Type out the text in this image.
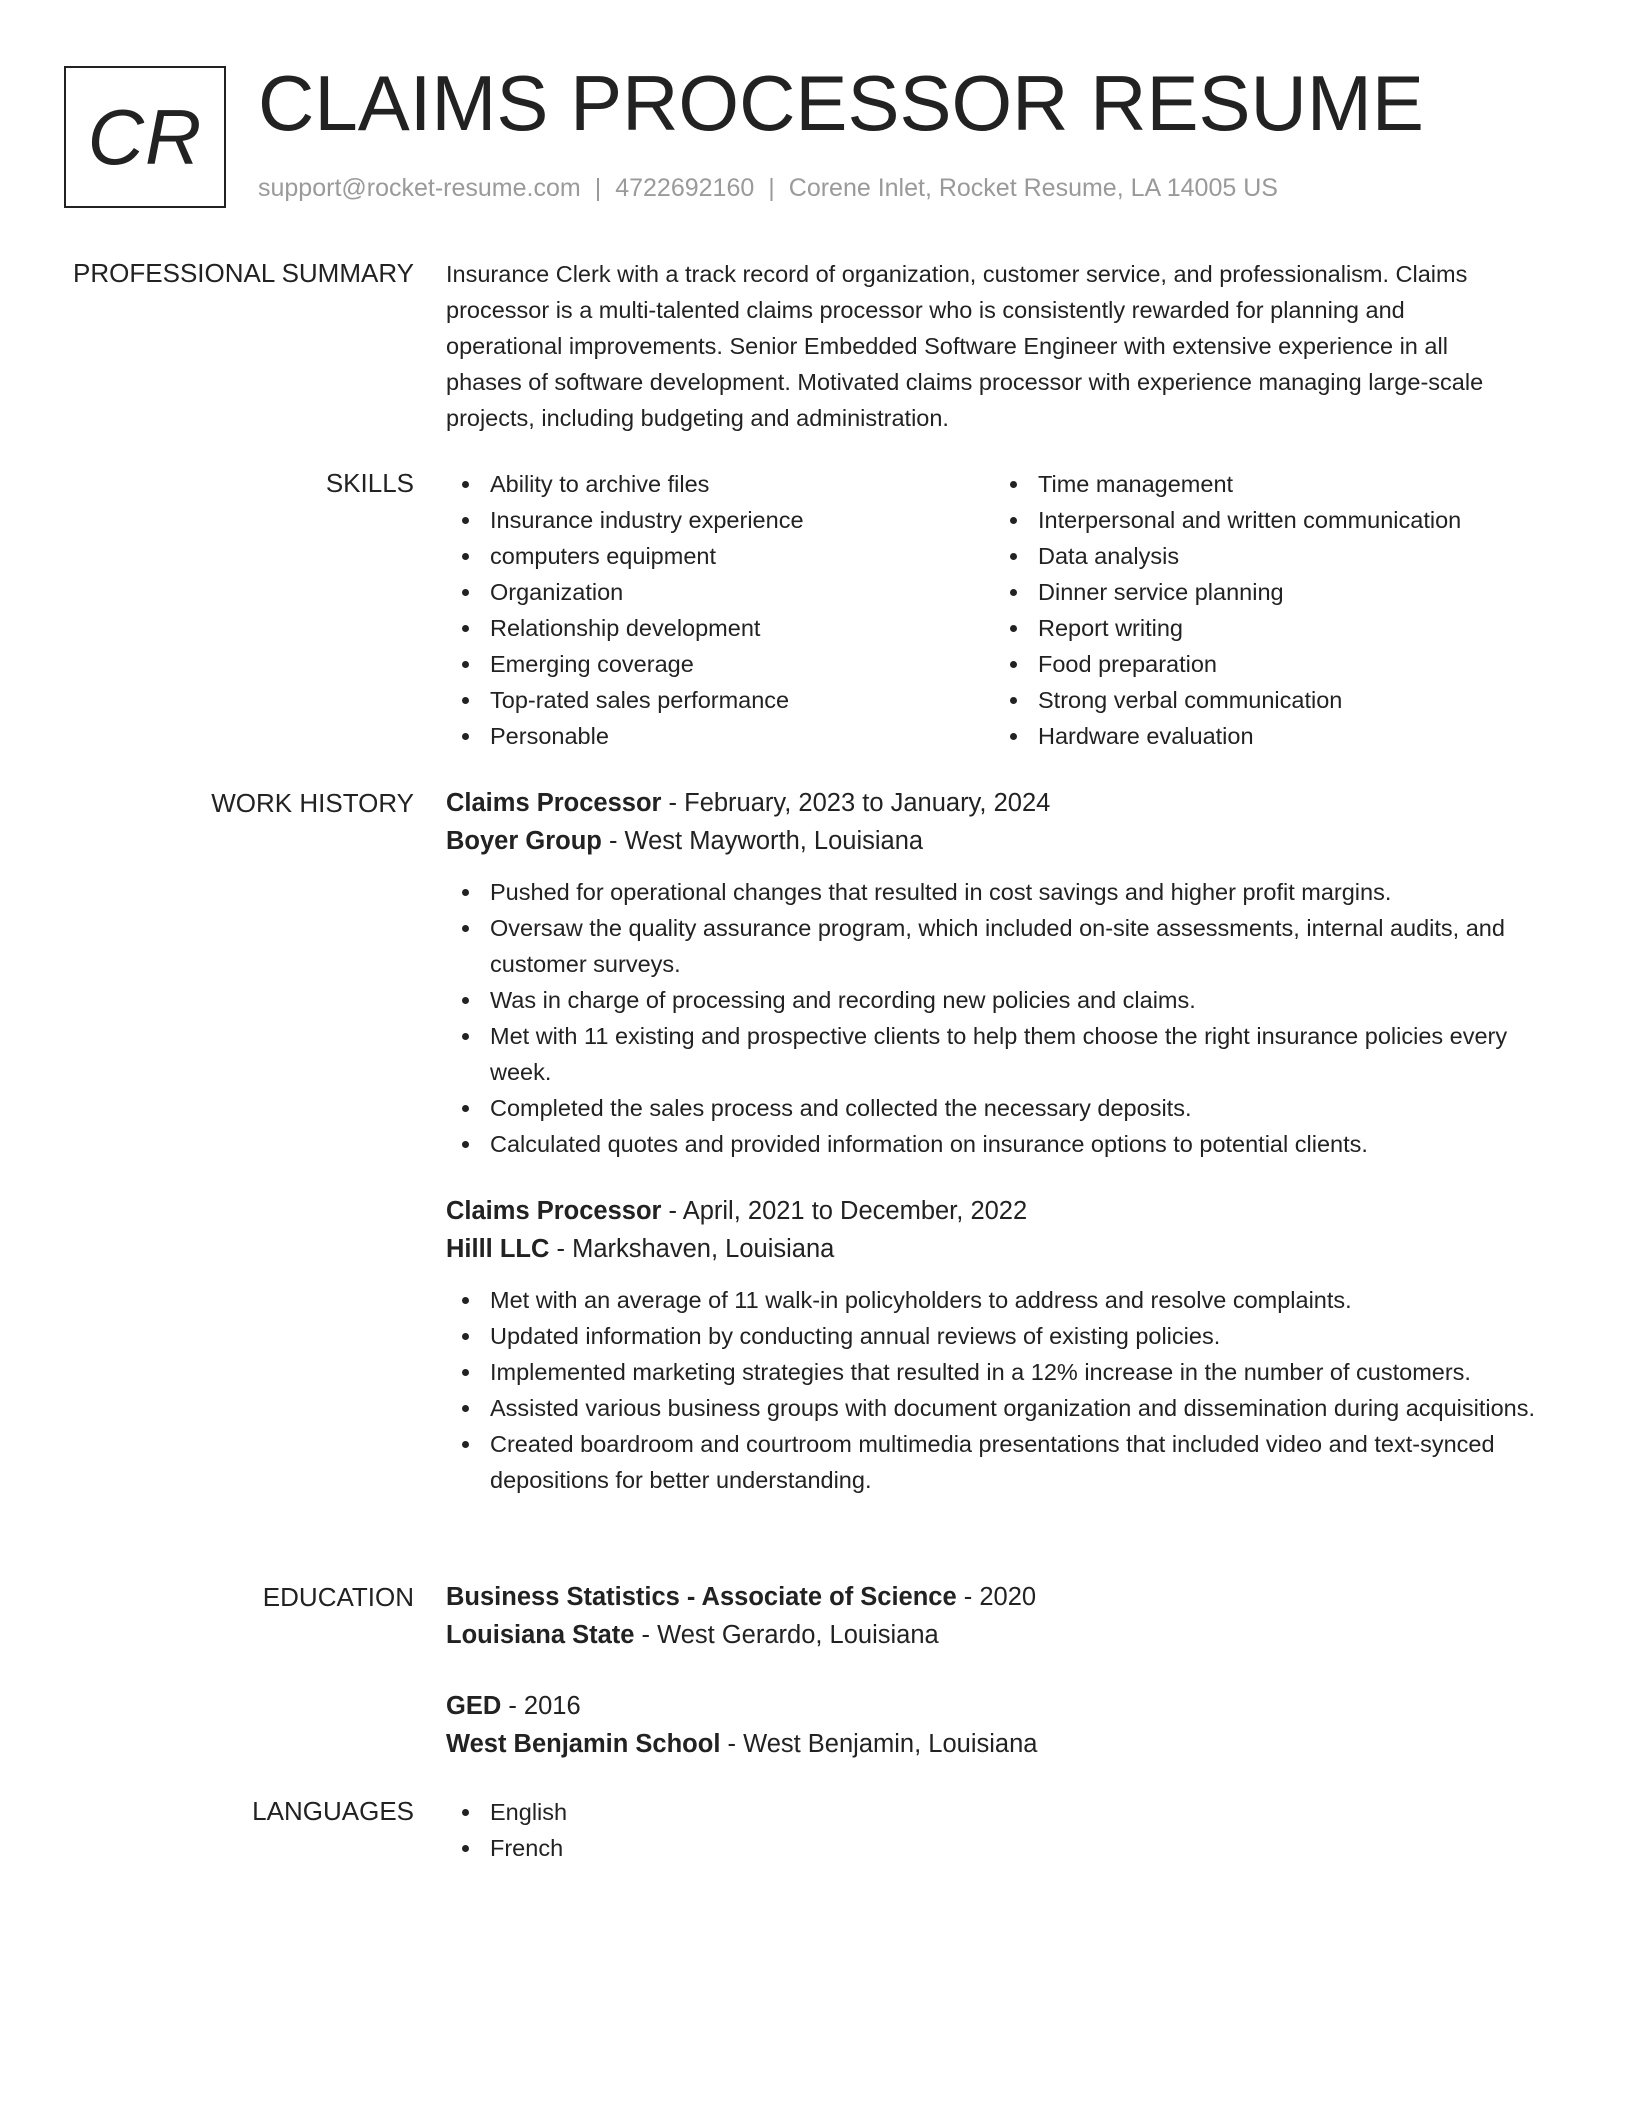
CR CLAIMS PROCESSOR RESUME
support@rocket-resume.com | 4722692160 | Corene Inlet, Rocket Resume, LA 14005 US
PROFESSIONAL SUMMARY Insurance Clerk with a track record of organization, customer service, and professionalism. Claims
processor is a multi-talented claims processor who is consistently rewarded for planning and
operational improvements. Senior Embedded Software Engineer with extensive experience in all
phases of software development. Motivated claims processor with experience managing large-scale
projects, including budgeting and administration.
SKILLS	Ability to archive files
Insurance industry experience
computers equipment
Organization
Relationship development
Emerging coverage
Top-rated sales performance
Personable
Time management
Interpersonal and written communication
Data analysis
Dinner service planning
Report writing
Food preparation
Strong verbal communication
Hardware evaluation
WORK HISTORY Claims Processor - February, 2023 to January, 2024
Boyer Group - West Mayworth, Louisiana
Pushed for operational changes that resulted in cost savings and higher profit margins.
Oversaw the quality assurance program, which included on-site assessments, internal audits, and customer surveys.
Was in charge of processing and recording new policies and claims.
Met with 11 existing and prospective clients to help them choose the right insurance policies every week.
Completed the sales process and collected the necessary deposits.
Calculated quotes and provided information on insurance options to potential clients.
Claims Processor - April, 2021 to December, 2022
Hilll LLC - Markshaven, Louisiana
Met with an average of 11 walk-in policyholders to address and resolve complaints.
Updated information by conducting annual reviews of existing policies.
Implemented marketing strategies that resulted in a 12% increase in the number of customers.
Assisted various business groups with document organization and dissemination during acquisitions.
Created boardroom and courtroom multimedia presentations that included video and text-synced depositions for better understanding.
EDUCATION Business Statistics - Associate of Science - 2020
Louisiana State - West Gerardo, Louisiana
GED - 2016
West Benjamin School - West Benjamin, Louisiana
LANGUAGES	English
French
